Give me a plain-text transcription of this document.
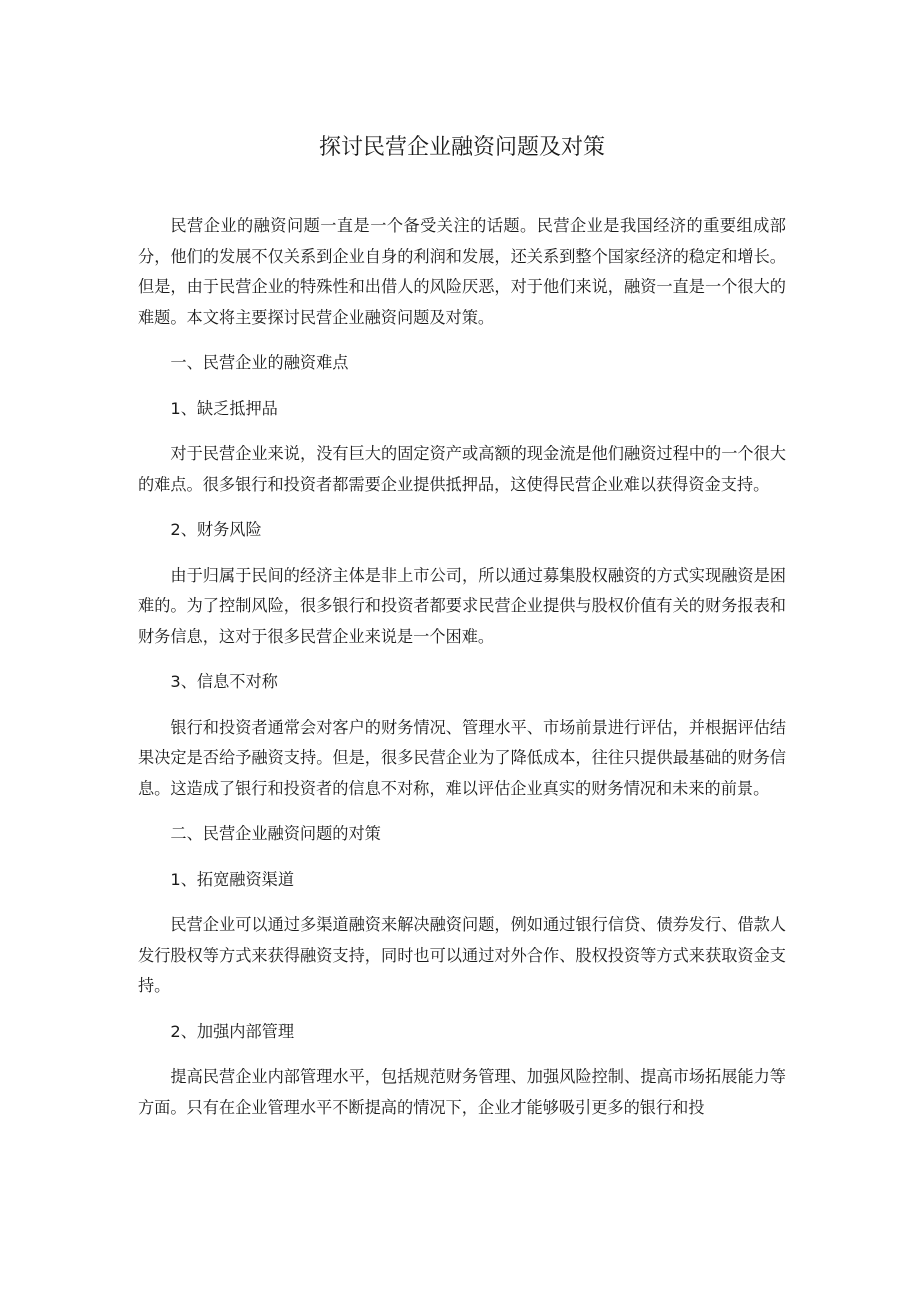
探讨民营企业融资问题及对策

民营企业的融资问题一直是一个备受关注的话题。民营企业是我国经济的重要组成部分，他们的发展不仅关系到企业自身的利润和发展，还关系到整个国家经济的稳定和增长。但是，由于民营企业的特殊性和出借人的风险厌恶，对于他们来说，融资一直是一个很大的难题。本文将主要探讨民营企业融资问题及对策。

一、民营企业的融资难点

1、缺乏抵押品

对于民营企业来说，没有巨大的固定资产或高额的现金流是他们融资过程中的一个很大的难点。很多银行和投资者都需要企业提供抵押品，这使得民营企业难以获得资金支持。

2、财务风险

由于归属于民间的经济主体是非上市公司，所以通过募集股权融资的方式实现融资是困难的。为了控制风险，很多银行和投资者都要求民营企业提供与股权价值有关的财务报表和财务信息，这对于很多民营企业来说是一个困难。

3、信息不对称

银行和投资者通常会对客户的财务情况、管理水平、市场前景进行评估，并根据评估结果决定是否给予融资支持。但是，很多民营企业为了降低成本，往往只提供最基础的财务信息。这造成了银行和投资者的信息不对称，难以评估企业真实的财务情况和未来的前景。

二、民营企业融资问题的对策

1、拓宽融资渠道

民营企业可以通过多渠道融资来解决融资问题，例如通过银行信贷、债券发行、借款人发行股权等方式来获得融资支持，同时也可以通过对外合作、股权投资等方式来获取资金支持。

2、加强内部管理

提高民营企业内部管理水平，包括规范财务管理、加强风险控制、提高市场拓展能力等方面。只有在企业管理水平不断提高的情况下，企业才能够吸引更多的银行和投
